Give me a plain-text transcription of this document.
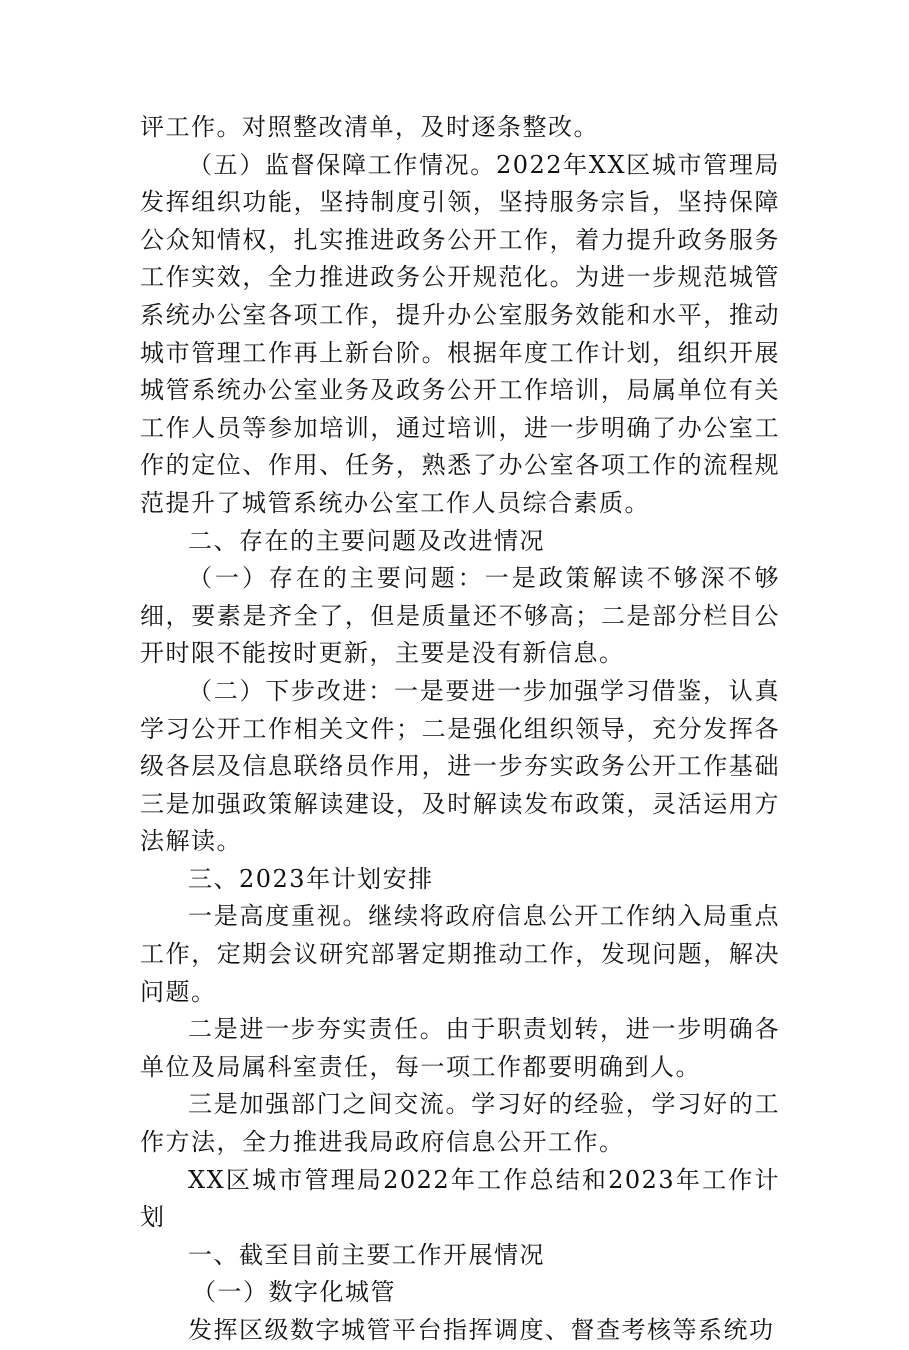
评工作。对照整改清单，及时逐条整改。

（五）监督保障工作情况。2022年XX区城市管理局发挥组织功能，坚持制度引领，坚持服务宗旨，坚持保障公众知情权，扎实推进政务公开工作，着力提升政务服务工作实效，全力推进政务公开规范化。为进一步规范城管系统办公室各项工作，提升办公室服务效能和水平，推动城市管理工作再上新台阶。根据年度工作计划，组织开展城管系统办公室业务及政务公开工作培训，局属单位有关工作人员等参加培训，通过培训，进一步明确了办公室工作的定位、作用、任务，熟悉了办公室各项工作的流程规范提升了城管系统办公室工作人员综合素质。

二、存在的主要问题及改进情况

（一）存在的主要问题：一是政策解读不够深不够细，要素是齐全了，但是质量还不够高；二是部分栏目公开时限不能按时更新，主要是没有新信息。

（二）下步改进：一是要进一步加强学习借鉴，认真学习公开工作相关文件；二是强化组织领导，充分发挥各级各层及信息联络员作用，进一步夯实政务公开工作基础三是加强政策解读建设，及时解读发布政策，灵活运用方法解读。

三、2023年计划安排

一是高度重视。继续将政府信息公开工作纳入局重点工作，定期会议研究部署定期推动工作，发现问题，解决问题。

二是进一步夯实责任。由于职责划转，进一步明确各单位及局属科室责任，每一项工作都要明确到人。

三是加强部门之间交流。学习好的经验，学习好的工作方法，全力推进我局政府信息公开工作。

XX区城市管理局2022年工作总结和2023年工作计划

一、截至目前主要工作开展情况

（一）数字化城管

发挥区级数字城管平台指挥调度、督查考核等系统功
